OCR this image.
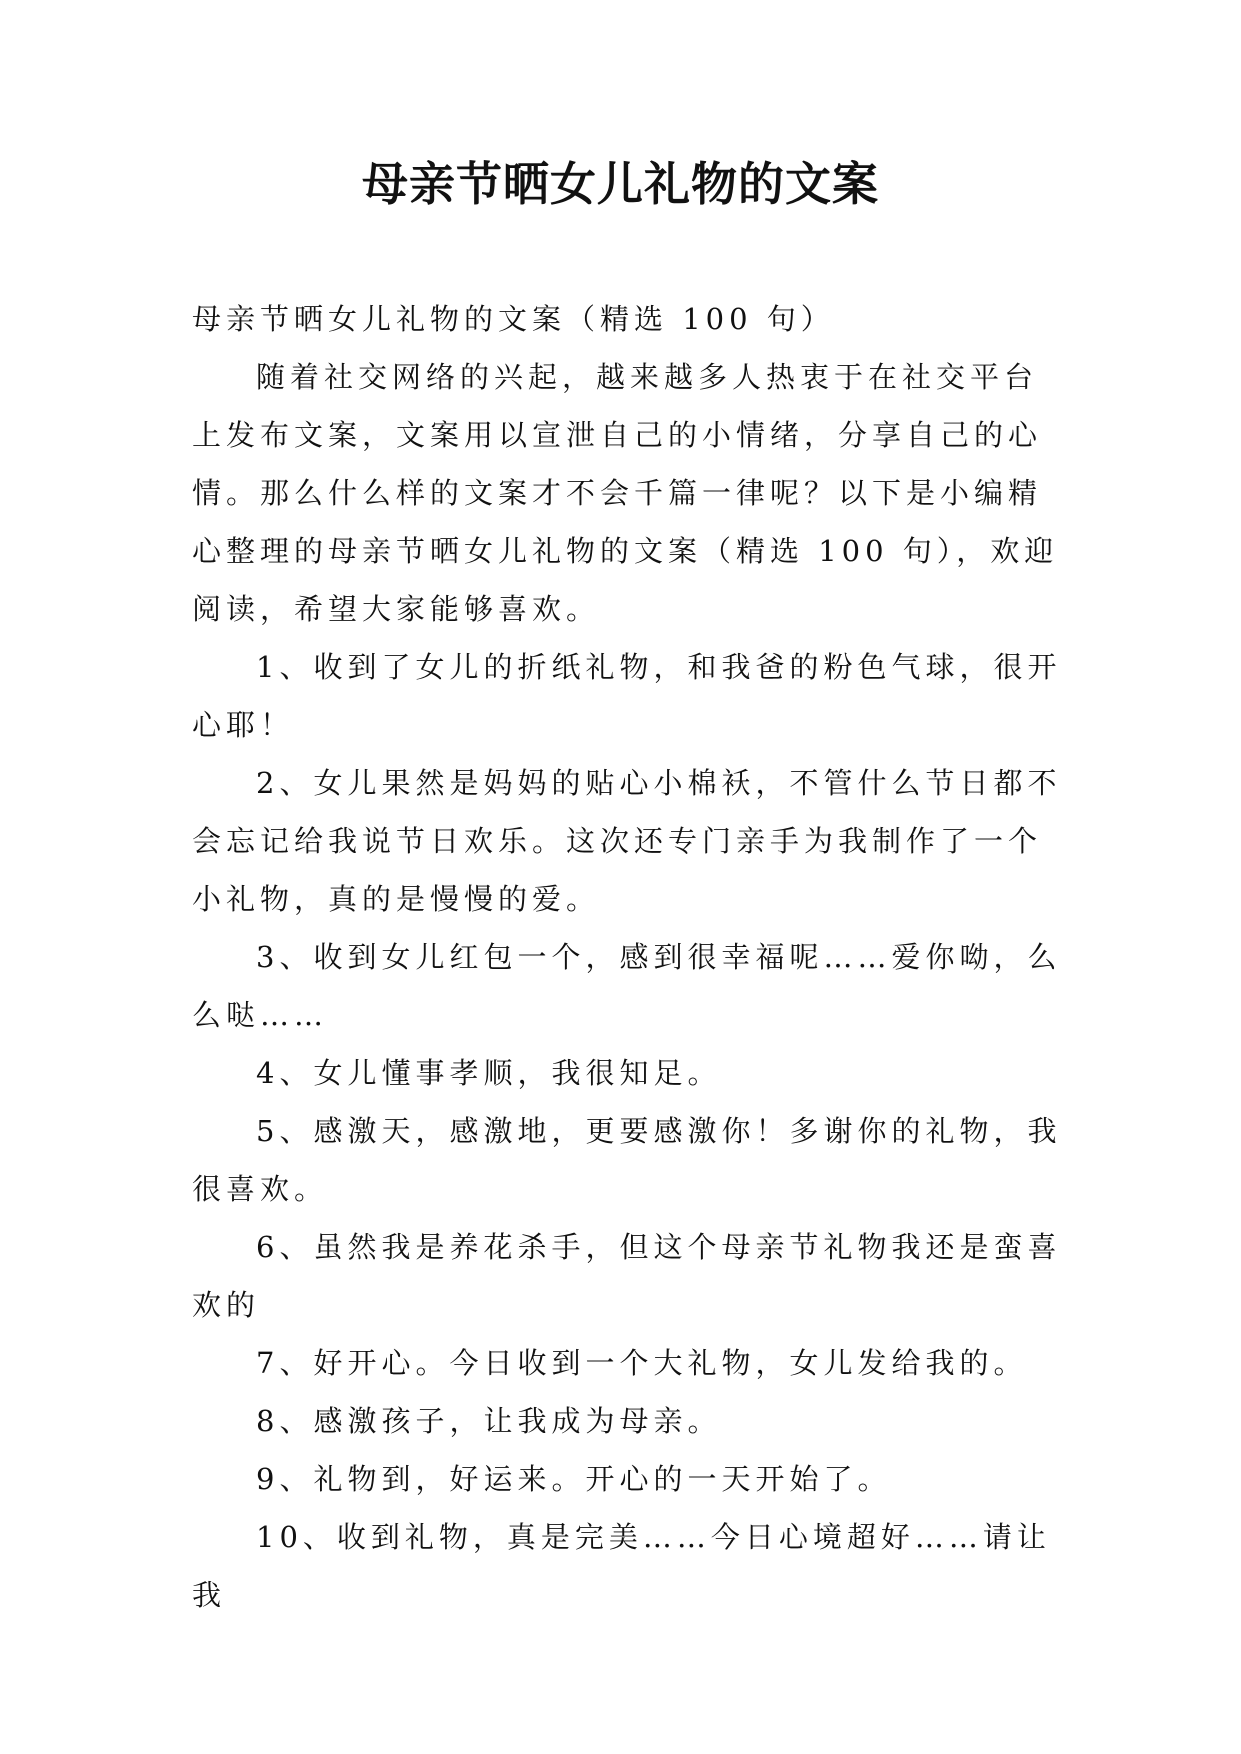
母亲节晒女儿礼物的文案

母亲节晒女儿礼物的文案（精选 100 句）

随着社交网络的兴起，越来越多人热衷于在社交平台上发布文案，文案用以宣泄自己的小情绪，分享自己的心情。那么什么样的文案才不会千篇一律呢？以下是小编精心整理的母亲节晒女儿礼物的文案（精选 100 句），欢迎阅读，希望大家能够喜欢。

1、收到了女儿的折纸礼物，和我爸的粉色气球，很开心耶！

2、女儿果然是妈妈的贴心小棉袄，不管什么节日都不会忘记给我说节日欢乐。这次还专门亲手为我制作了一个小礼物，真的是慢慢的爱。

3、收到女儿红包一个，感到很幸福呢……爱你呦，么么哒……

4、女儿懂事孝顺，我很知足。

5、感激天，感激地，更要感激你！多谢你的礼物，我很喜欢。

6、虽然我是养花杀手，但这个母亲节礼物我还是蛮喜欢的

7、好开心。今日收到一个大礼物，女儿发给我的。

8、感激孩子，让我成为母亲。

9、礼物到，好运来。开心的一天开始了。

10、收到礼物，真是完美……今日心境超好……请让我
